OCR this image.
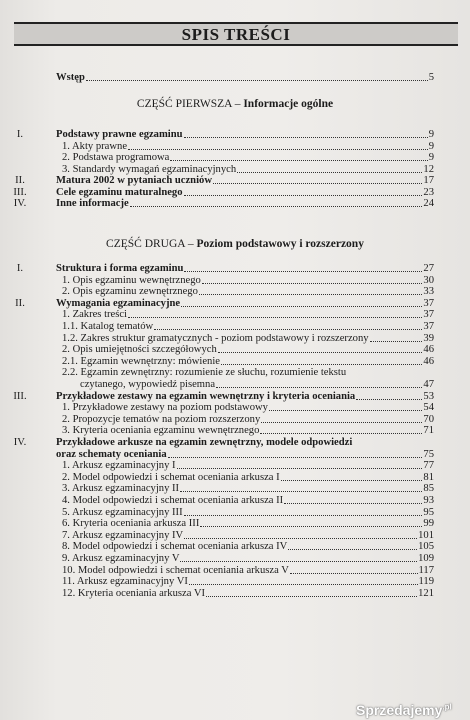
SPIS TREŚCI
Wstęp	5
CZĘŚĆ PIERWSZA – Informacje ogólne
I.	Podstawy prawne egzaminu	9
1. Akty prawne	9
2. Podstawa programowa	9
3. Standardy wymagań egzaminacyjnych	12
II.	Matura 2002 w pytaniach uczniów	17
III.	Cele egzaminu maturalnego	23
IV.	Inne informacje	24
CZĘŚĆ DRUGA – Poziom podstawowy i rozszerzony
I.	Struktura i forma egzaminu	27
1. Opis egzaminu wewnętrznego	30
2. Opis egzaminu zewnętrznego	33
II.	Wymagania egzaminacyjne	37
1. Zakres treści	37
1.1. Katalog tematów	37
1.2. Zakres struktur gramatycznych - poziom podstawowy i rozszerzony	39
2. Opis umiejętności szczegółowych	46
2.1. Egzamin wewnętrzny: mówienie	46
2.2. Egzamin zewnętrzny: rozumienie ze słuchu, rozumienie tekstu
czytanego, wypowiedź pisemna	47
III.	Przykładowe zestawy na egzamin wewnętrzny i kryteria oceniania	53
1. Przykładowe zestawy na poziom podstawowy	54
2. Propozycje tematów na poziom rozszerzony	70
3. Kryteria oceniania egzaminu wewnętrznego	71
IV.	Przykładowe arkusze na egzamin zewnętrzny, modele odpowiedzi
oraz schematy oceniania	75
1. Arkusz egzaminacyjny I	77
2. Model odpowiedzi i schemat oceniania arkusza I	81
3. Arkusz egzaminacyjny II	85
4. Model odpowiedzi i schemat oceniania arkusza II	93
5. Arkusz egzaminacyjny III	95
6. Kryteria oceniania arkusza III	99
7. Arkusz egzaminacyjny IV	101
8. Model odpowiedzi i schemat oceniania arkusza IV	105
9. Arkusz egzaminacyjny V	109
10. Model odpowiedzi i schemat oceniania arkusza V	117
11. Arkusz egzaminacyjny VI	119
12. Kryteria oceniania arkusza VI	121
Sprzedajemy$^{.pl}$
